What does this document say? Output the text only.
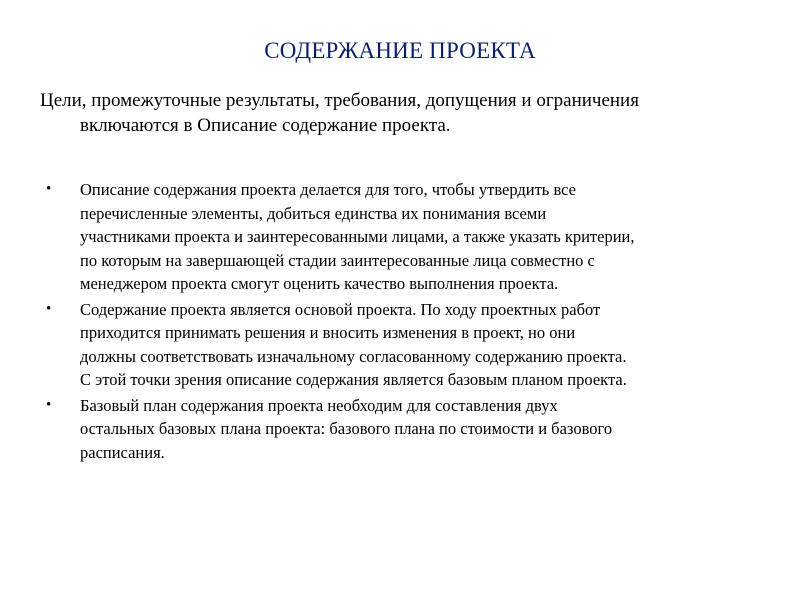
СОДЕРЖАНИЕ ПРОЕКТА
Цели, промежуточные результаты, требования, допущения и ограничения
включаются в Описание содержание проекта.
• Описание содержания проекта делается для того, чтобы утвердить все
перечисленные элементы, добиться единства их понимания всеми
участниками проекта и заинтересованными лицами, а также указать критерии,
по которым на завершающей стадии заинтересованные лица совместно с
менеджером проекта смогут оценить качество выполнения проекта.
• Содержание проекта является основой проекта. По ходу проектных работ
приходится принимать решения и вносить изменения в проект, но они
должны соответствовать изначальному согласованному содержанию проекта.
С этой точки зрения описание содержания является базовым планом проекта.
• Базовый план содержания проекта необходим для составления двух
остальных базовых плана проекта: базового плана по стоимости и базового
расписания.
